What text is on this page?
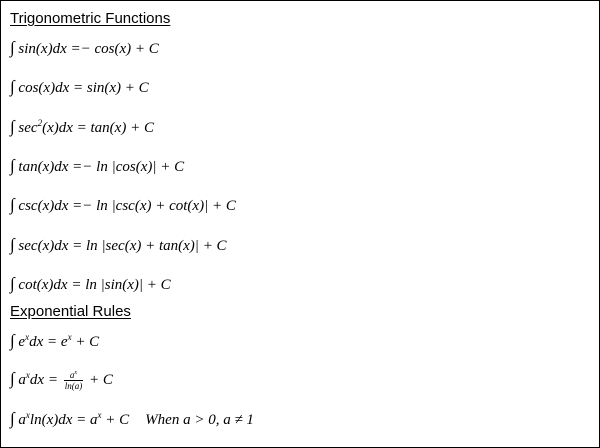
Trigonometric Functions
∫ sin(x)dx =− cos(x) + C
∫ cos(x)dx = sin(x) + C
∫ $\sec^2(x)dx = \tan(x) + C$
∫ tan(x)dx =− ln |cos(x)| + C
∫ csc(x)dx =− ln |csc(x) + cot(x)| + C
∫ sec(x)dx = ln |sec(x) + tan(x)| + C
∫ cot(x)dx = ln |sin(x)| + C
Exponential Rules
∫ $e^xdx = e^x + C$
∫ $a^xdx = \frac{a^x}{\ln(a)} + C$
∫ $a^x\ln(x)dx = a^x + C$ When a > 0, a ≠ 1
